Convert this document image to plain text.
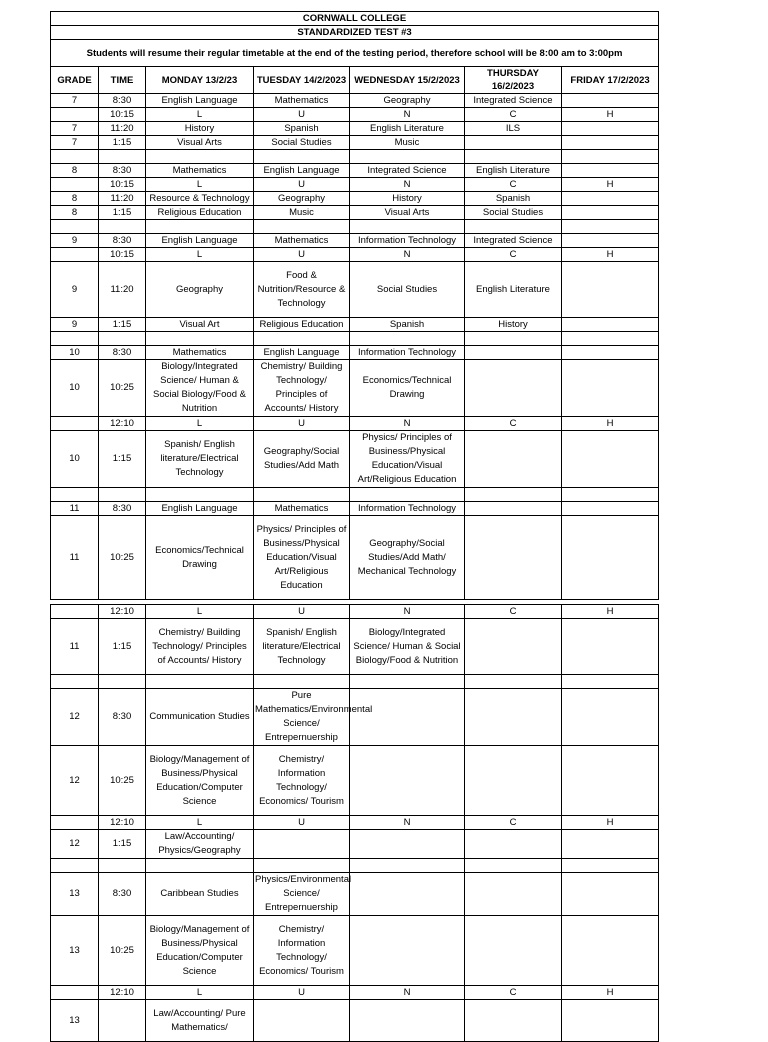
CORNWALL COLLEGE						
STANDARDIZED TEST #3						
Students will resume their regular timetable at the end of the testing period, therefore school will be 8:00 am to 3:00pm						
GRADE	TIME	MONDAY 13/2/23	TUESDAY 14/2/2023	WEDNESDAY 15/2/2023	THURSDAY 16/2/2023	FRIDAY 17/2/2023
7	8:30	English Language	Mathematics	Geography	Integrated Science	
	10:15	L	U	N	C	H
7	11:20	History	Spanish	English Literature	ILS	
7	1:15	Visual Arts	Social Studies	Music		

8	8:30	Mathematics	English Language	Integrated Science	English Literature	
	10:15	L	U	N	C	H
8	11:20	Resource & Technology	Geography	History	Spanish	
8	1:15	Religious Education	Music	Visual Arts	Social Studies	

9	8:30	English Language	Mathematics	Information Technology	Integrated Science	
	10:15	L	U	N	C	H
9	11:20	Geography	Food & Nutrition/Resource & Technology	Social Studies	English Literature	
9	1:15	Visual Art	Religious Education	Spanish	History	

10	8:30	Mathematics	English Language	Information Technology		
10	10:25	Biology/Integrated Science/ Human & Social Biology/Food & Nutrition	Chemistry/ Building Technology/ Principles of Accounts/ History	Economics/Technical Drawing		
	12:10	L	U	N	C	H
10	1:15	Spanish/ English literature/Electrical Technology	Geography/Social Studies/Add Math	Physics/ Principles of Business/Physical Education/Visual Art/Religious Education		

11	8:30	English Language	Mathematics	Information Technology		
11	10:25	Economics/Technical Drawing	Physics/ Principles of Business/Physical Education/Visual Art/Religious Education	Geography/Social Studies/Add Math/ Mechanical Technology		
	12:10	L	U	N	C	H
11	1:15	Chemistry/ Building Technology/ Principles of Accounts/ History	Spanish/ English literature/Electrical Technology	Biology/Integrated Science/ Human & Social Biology/Food & Nutrition		

12	8:30	Communication Studies	Pure Mathematics/Environmental Science/ Entrepernuership			
12	10:25	Biology/Management of Business/Physical Education/Computer Science	Chemistry/ Information Technology/ Economics/ Tourism			
	12:10	L	U	N	C	H
12	1:15	Law/Accounting/ Physics/Geography				

13	8:30	Caribbean Studies	Physics/Environmental Science/ Entrepernuership			
13	10:25	Biology/Management of Business/Physical Education/Computer Science	Chemistry/ Information Technology/ Economics/ Tourism			
	12:10	L	U	N	C	H
13		Law/Accounting/ Pure Mathematics/				
